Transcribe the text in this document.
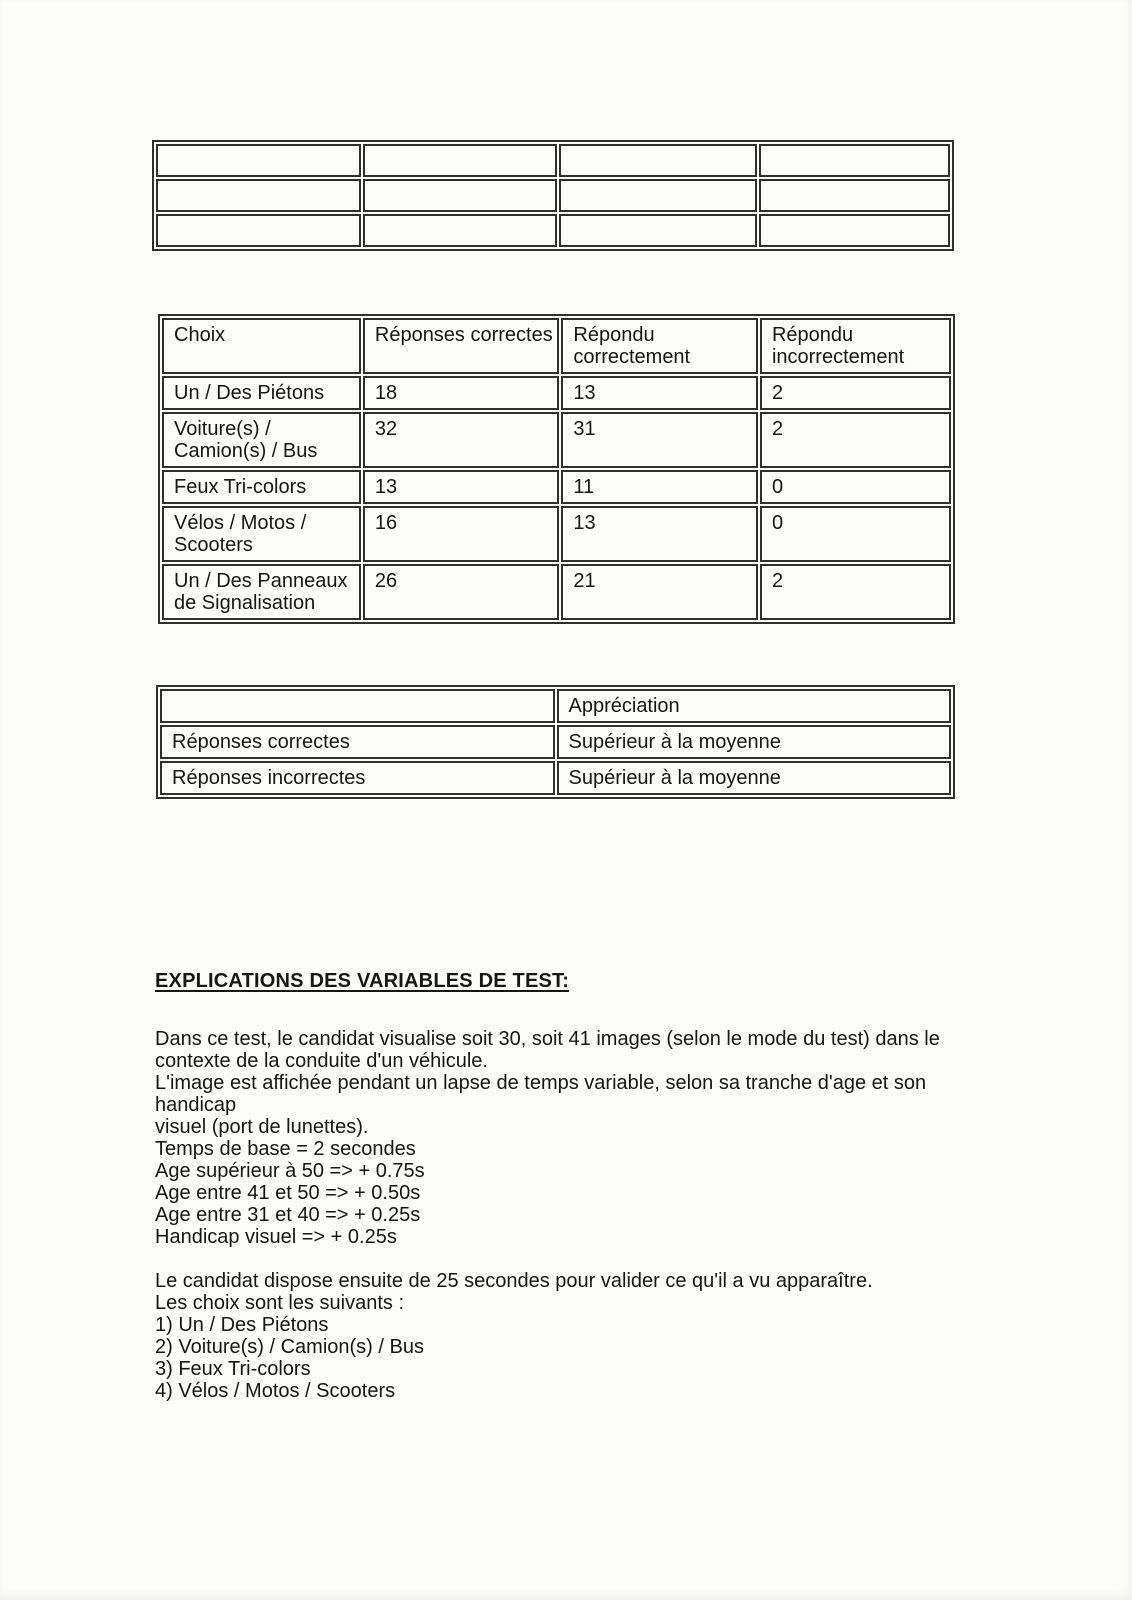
Choix	Réponses correctes	Répondu correctement	Répondu incorrectement
Un / Des Piétons	18	13	2
Voiture(s) / Camion(s) / Bus	32	31	2
Feux Tri-colors	13	11	0
Vélos / Motos / Scooters	16	13	0
Un / Des Panneaux de Signalisation	26	21	2
	Appréciation
Réponses correctes	Supérieur à la moyenne
Réponses incorrectes	Supérieur à la moyenne
EXPLICATIONS DES VARIABLES DE TEST:
Dans ce test, le candidat visualise soit 30, soit 41 images (selon le mode du test) dans le
contexte de la conduite d'un véhicule.
L'image est affichée pendant un lapse de temps variable, selon sa tranche d'age et son handicap
visuel (port de lunettes).
Temps de base = 2 secondes
Age supérieur à 50 => + 0.75s
Age entre 41 et 50 => + 0.50s
Age entre 31 et 40 => + 0.25s
Handicap visuel => + 0.25s
Le candidat dispose ensuite de 25 secondes pour valider ce qu'il a vu apparaître.
Les choix sont les suivants :
1) Un / Des Piétons
2) Voiture(s) / Camion(s) / Bus
3) Feux Tri-colors
4) Vélos / Motos / Scooters
